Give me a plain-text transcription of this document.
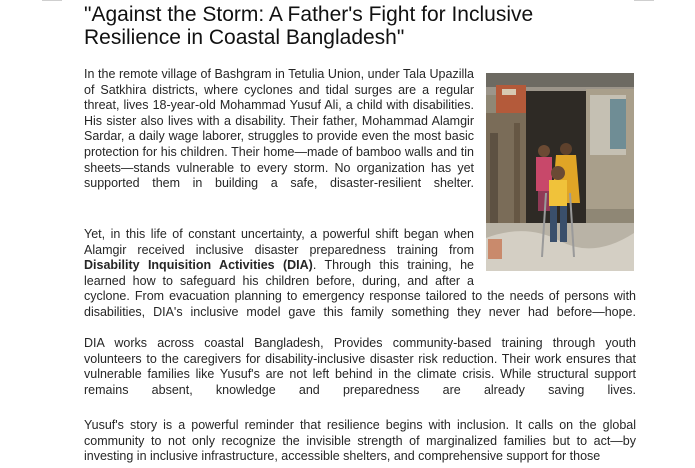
"Against the Storm: A Father's Fight for Inclusive
Resilience in Coastal Bangladesh"

In the remote village of Bashgram in Tetulia Union, under Tala Upazilla of Satkhira districts, where cyclones and tidal surges are a regular threat, lives 18-year-old Mohammad Yusuf Ali, a child with disabilities. His sister also lives with a disability. Their father, Mohammad Alamgir Sardar, a daily wage laborer, struggles to provide even the most basic protection for his children. Their home—made of bamboo walls and tin sheets—stands vulnerable to every storm. No organization has yet supported them in building a safe, disaster-resilient shelter.

Yet, in this life of constant uncertainty, a powerful shift began when Alamgir received inclusive disaster preparedness training from Disability Inquisition Activities (DIA). Through this training, he learned how to safeguard his children before, during, and after a

cyclone. From evacuation planning to emergency response tailored to the needs of persons with disabilities, DIA's inclusive model gave this family something they never had before—hope.

DIA works across coastal Bangladesh, Provides community-based training through youth volunteers to the caregivers for disability-inclusive disaster risk reduction. Their work ensures that vulnerable families like Yusuf's are not left behind in the climate crisis. While structural support remains absent, knowledge and preparedness are already saving lives.

Yusuf's story is a powerful reminder that resilience begins with inclusion. It calls on the global community to not only recognize the invisible strength of marginalized families but to act—by investing in inclusive infrastructure, accessible shelters, and comprehensive support for those
